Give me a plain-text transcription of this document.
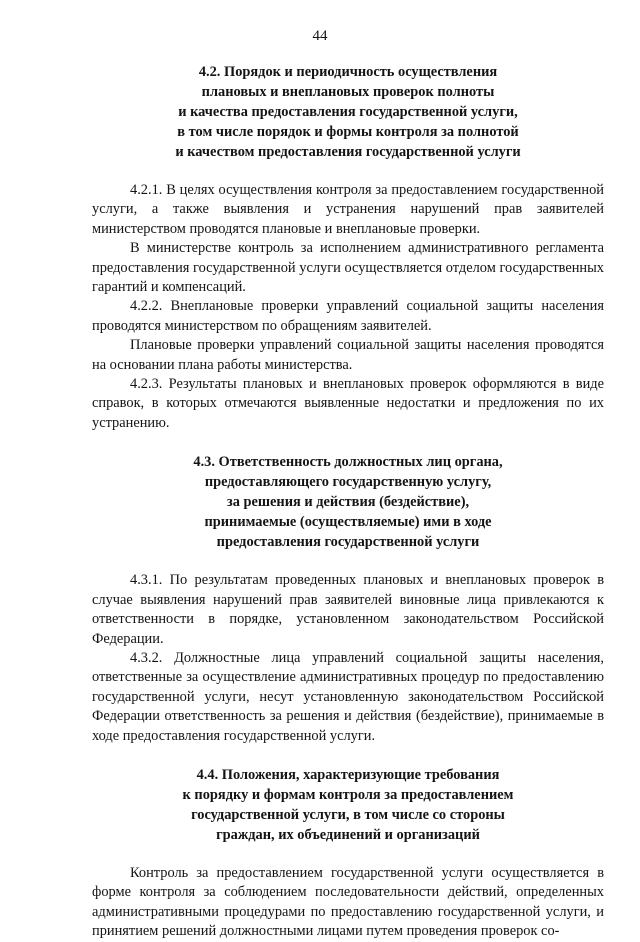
44
4.2. Порядок и периодичность осуществления
плановых и внеплановых проверок полноты
и качества предоставления государственной услуги,
в том числе порядок и формы контроля за полнотой
и качеством предоставления государственной услуги

4.2.1. В целях осуществления контроля за предоставлением государственной услуги, а также выявления и устранения нарушений прав заявителей министерством проводятся плановые и внеплановые проверки.

В министерстве контроль за исполнением административного регламента предоставления государственной услуги осуществляется отделом государственных гарантий и компенсаций.

4.2.2. Внеплановые проверки управлений социальной защиты населения проводятся министерством по обращениям заявителей.

Плановые проверки управлений социальной защиты населения проводятся на основании плана работы министерства.

4.2.3. Результаты плановых и внеплановых проверок оформляются в виде справок, в которых отмечаются выявленные недостатки и предложения по их устранению.

4.3. Ответственность должностных лиц органа,
предоставляющего государственную услугу,
за решения и действия (бездействие),
принимаемые (осуществляемые) ими в ходе
предоставления государственной услуги

4.3.1. По результатам проведенных плановых и внеплановых проверок в случае выявления нарушений прав заявителей виновные лица привлекаются к ответственности в порядке, установленном законодательством Российской Федерации.

4.3.2. Должностные лица управлений социальной защиты населения, ответственные за осуществление административных процедур по предоставлению государственной услуги, несут установленную законодательством Российской Федерации ответственность за решения и действия (бездействие), принимаемые в ходе предоставления государственной услуги.

4.4. Положения, характеризующие требования
к порядку и формам контроля за предоставлением
государственной услуги, в том числе со стороны
граждан, их объединений и организаций

Контроль за предоставлением государственной услуги осуществляется в форме контроля за соблюдением последовательности действий, определенных административными процедурами по предоставлению государственной услуги, и принятием решений должностными лицами путем проведения проверок со-
